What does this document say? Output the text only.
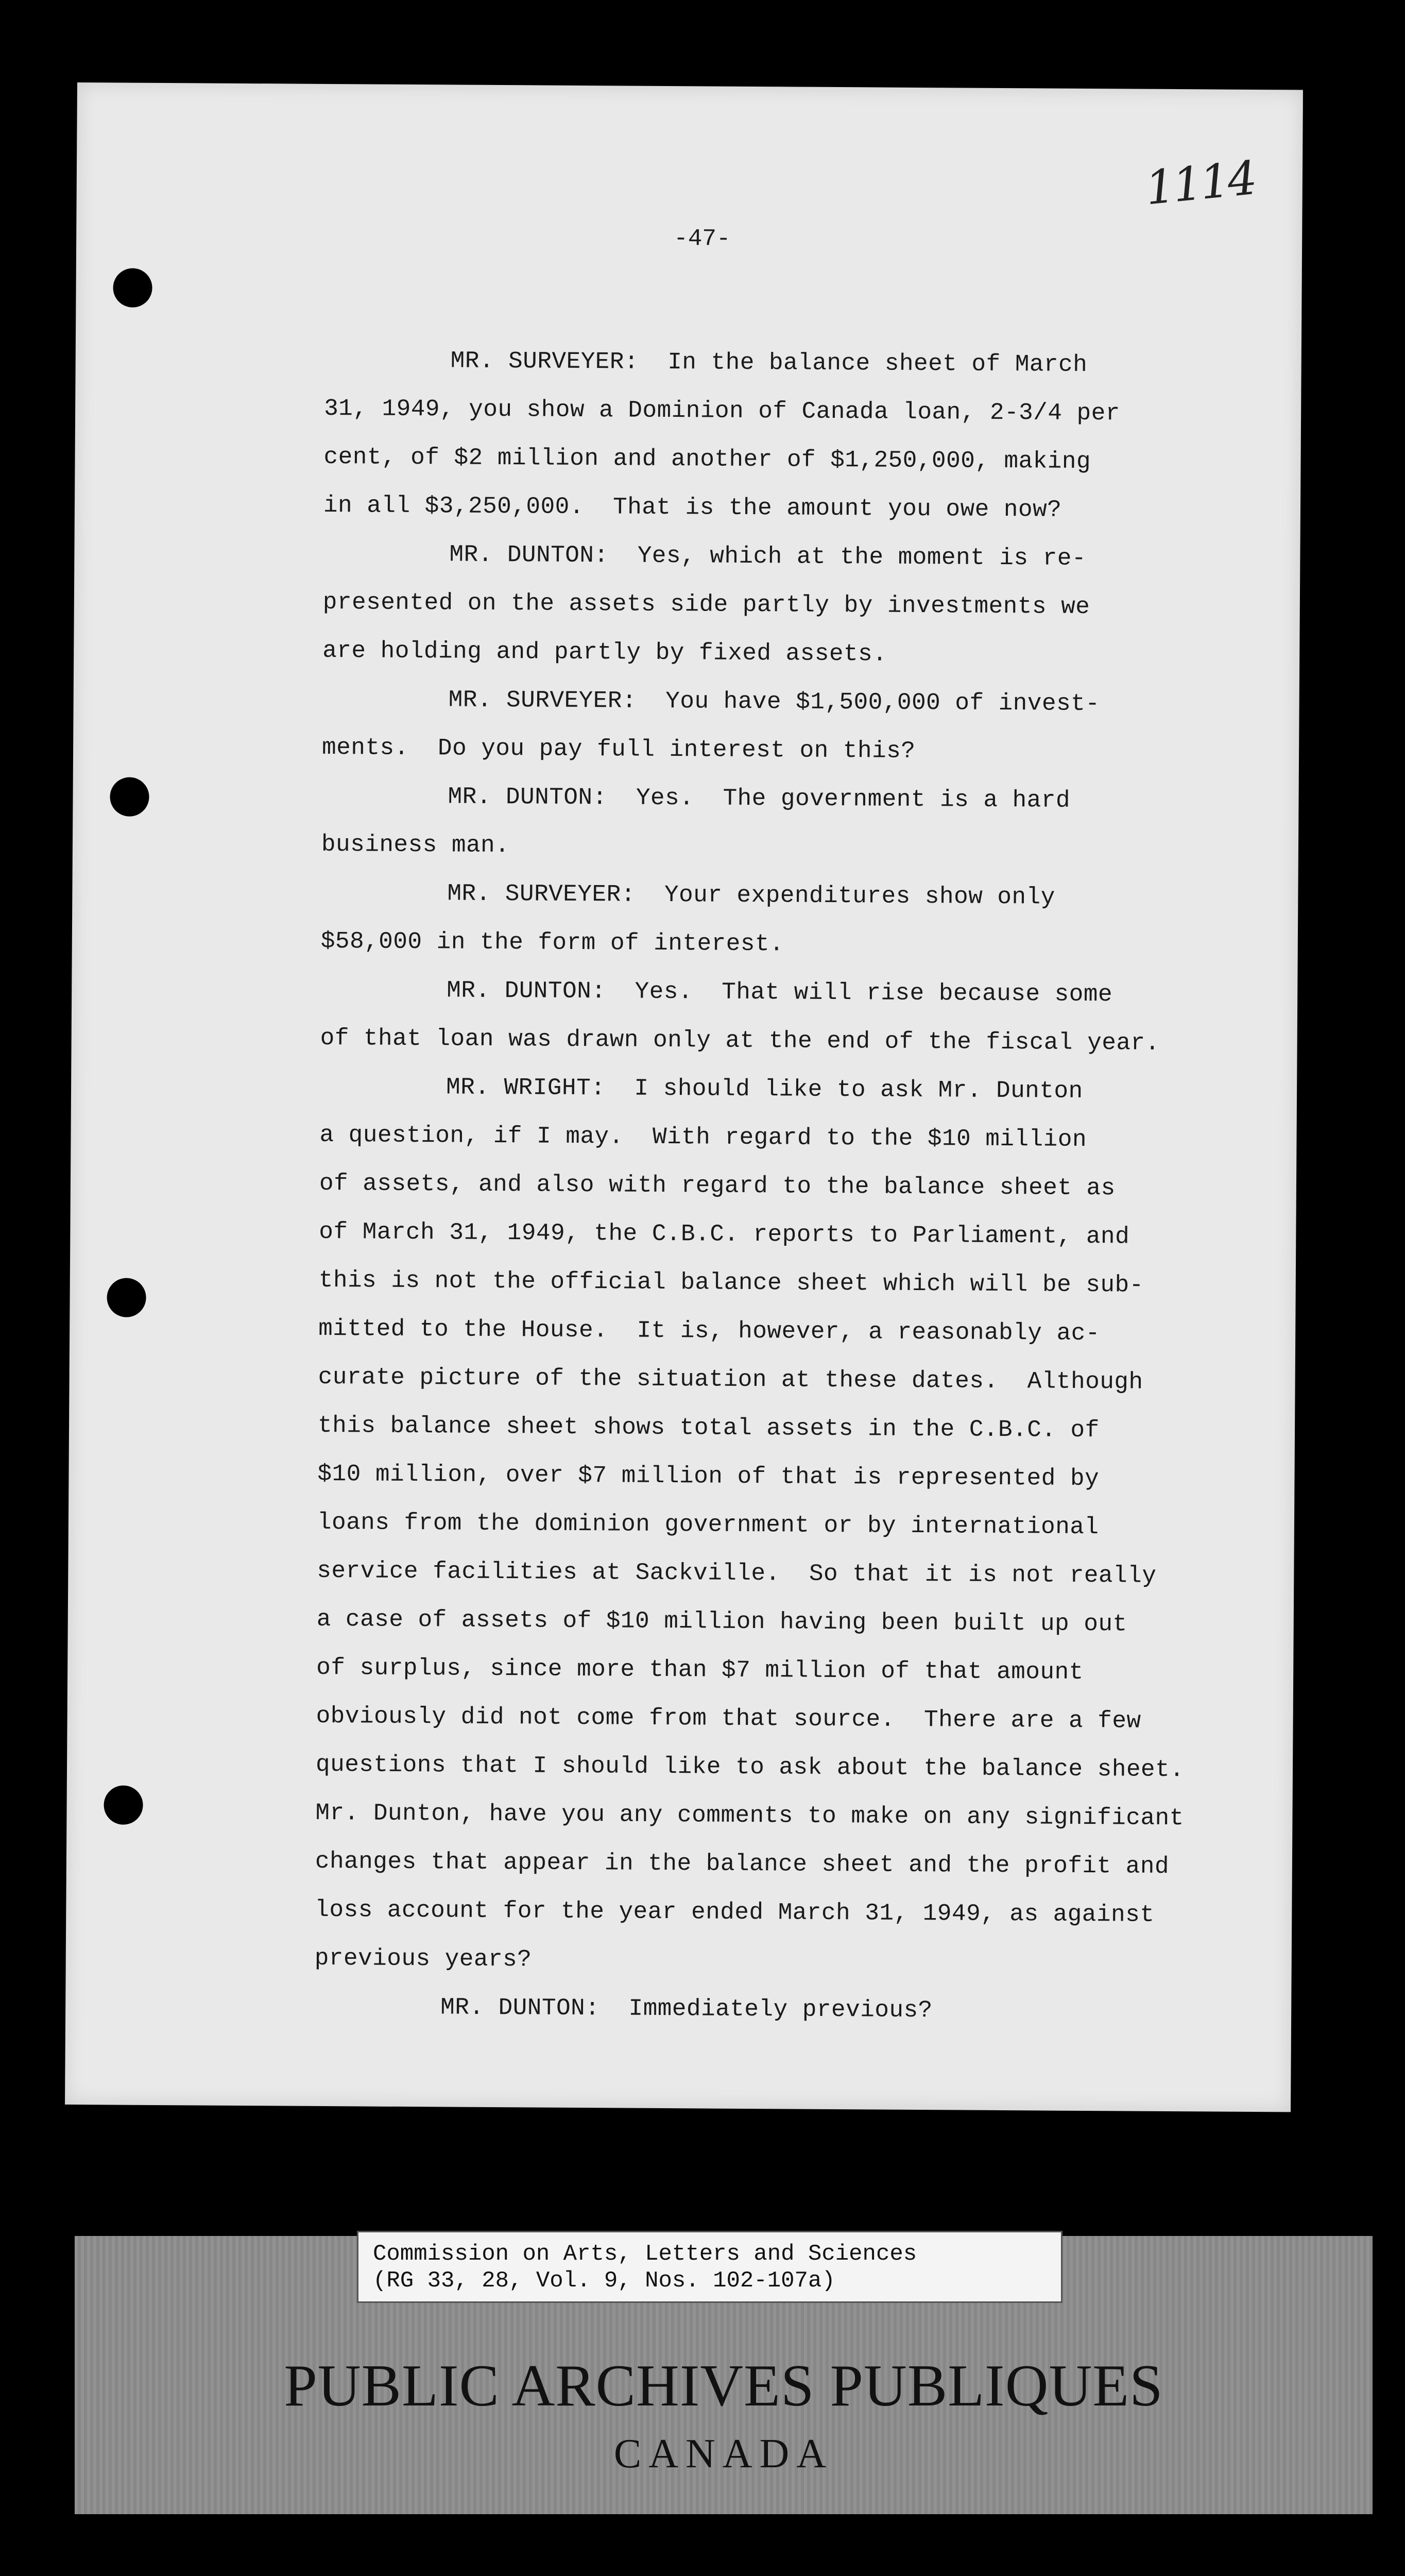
1114
-47-
MR. SURVEYER:  In the balance sheet of March
31, 1949, you show a Dominion of Canada loan, 2-3/4 per
cent, of $2 million and another of $1,250,000, making
in all $3,250,000.  That is the amount you owe now?
MR. DUNTON:  Yes, which at the moment is re-
presented on the assets side partly by investments we
are holding and partly by fixed assets.
MR. SURVEYER:  You have $1,500,000 of invest-
ments.  Do you pay full interest on this?
MR. DUNTON:  Yes.  The government is a hard
business man.
MR. SURVEYER:  Your expenditures show only
$58,000 in the form of interest.
MR. DUNTON:  Yes.  That will rise because some
of that loan was drawn only at the end of the fiscal year.
MR. WRIGHT:  I should like to ask Mr. Dunton
a question, if I may.  With regard to the $10 million
of assets, and also with regard to the balance sheet as
of March 31, 1949, the C.B.C. reports to Parliament, and
this is not the official balance sheet which will be sub-
mitted to the House.  It is, however, a reasonably ac-
curate picture of the situation at these dates.  Although
this balance sheet shows total assets in the C.B.C. of
$10 million, over $7 million of that is represented by
loans from the dominion government or by international
service facilities at Sackville.  So that it is not really
a case of assets of $10 million having been built up out
of surplus, since more than $7 million of that amount
obviously did not come from that source.  There are a few
questions that I should like to ask about the balance sheet.
Mr. Dunton, have you any comments to make on any significant
changes that appear in the balance sheet and the profit and
loss account for the year ended March 31, 1949, as against
previous years?
MR. DUNTON:  Immediately previous?
Commission on Arts, Letters and Sciences
(RG 33, 28, Vol. 9, Nos. 102-107a)
PUBLIC ARCHIVES PUBLIQUES
CANADA
